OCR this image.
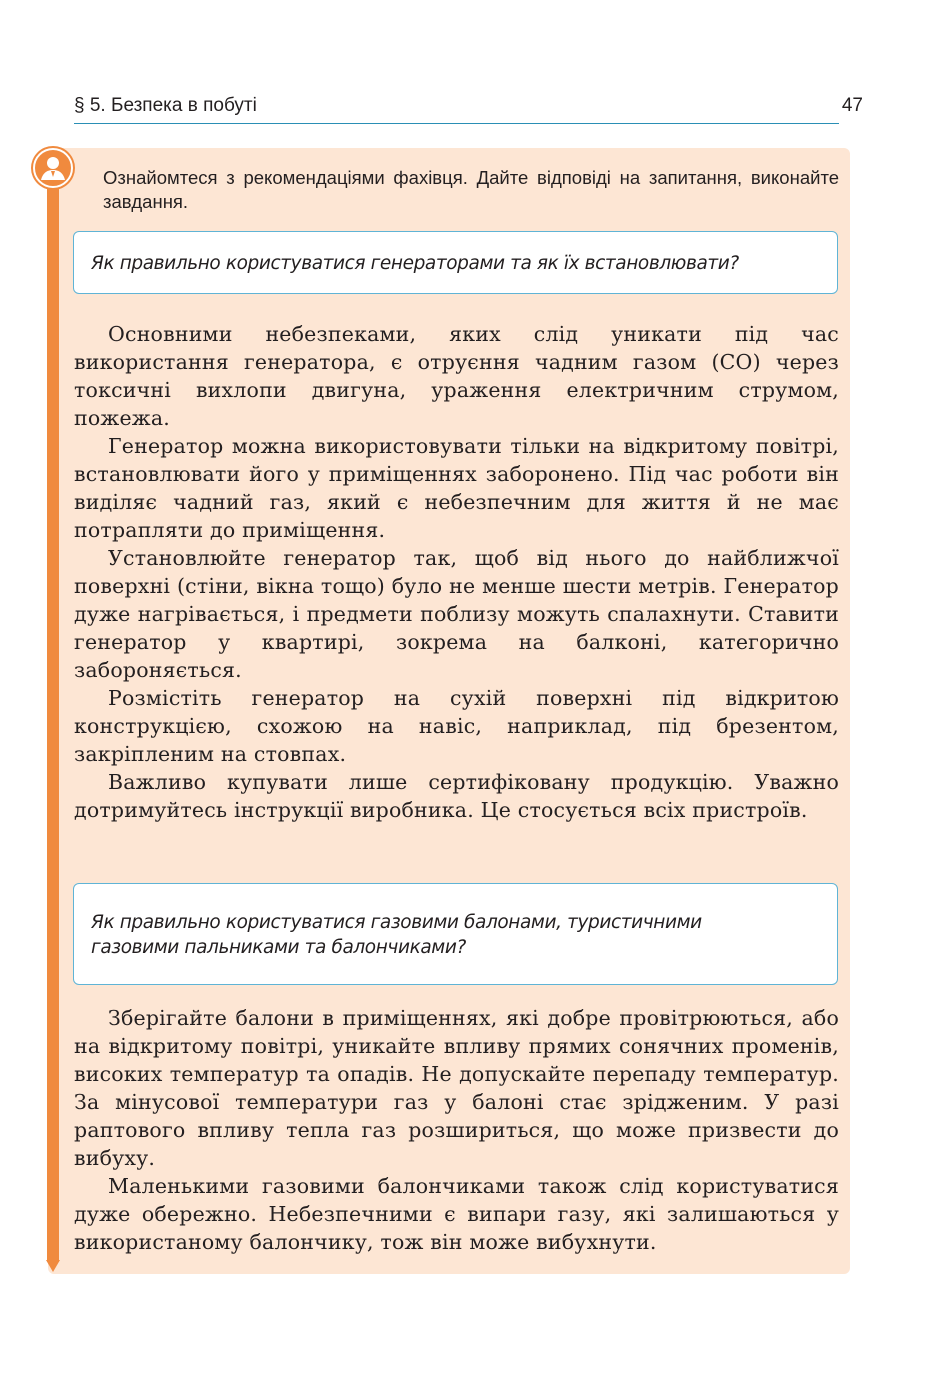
§ 5. Безпека в побуті	47
Ознайомтеся з рекомендаціями фахівця. Дайте відповіді на запитання, виконайте завдання.
Як правильно користуватися генераторами та як їх встановлювати?

Основними небезпеками, яких слід уникати під час використання генератора, є отруєння чадним газом (CO) через токсичні вихлопи двигуна, ураження електричним струмом, пожежа.

Генератор можна використовувати тільки на відкритому повітрі, встановлювати його у приміщеннях заборонено. Під час роботи він виділяє чадний газ, який є небезпечним для життя й не має потрапляти до приміщення.

Установлюйте генератор так, щоб від нього до найближчої поверхні (стіни, вікна тощо) було не менше шести метрів. Генератор дуже нагрівається, і предмети поблизу можуть спалахнути. Ставити генератор у квартирі, зокрема на балконі, категорично забороняється.

Розмістіть генератор на сухій поверхні під відкритою конструкцією, схожою на навіс, наприклад, під брезентом, закріпленим на стовпах.

Важливо купувати лише сертифіковану продукцію. Уважно дотримуйтесь інструкції виробника. Це стосується всіх пристроїв.

Як правильно користуватися газовими балонами, туристичними
газовими пальниками та балончиками?

Зберігайте балони в приміщеннях, які добре провітрюються, або на відкритому повітрі, уникайте впливу прямих сонячних променів, високих температур та опадів. Не допускайте перепаду температур. За мінусової температури газ у балоні стає зрідженим. У разі раптового впливу тепла газ розшириться, що може призвести до вибуху.

Маленькими газовими балончиками також слід користуватися дуже обережно. Небезпечними є випари газу, які залишаються у використаному балончику, тож він може вибухнути.
